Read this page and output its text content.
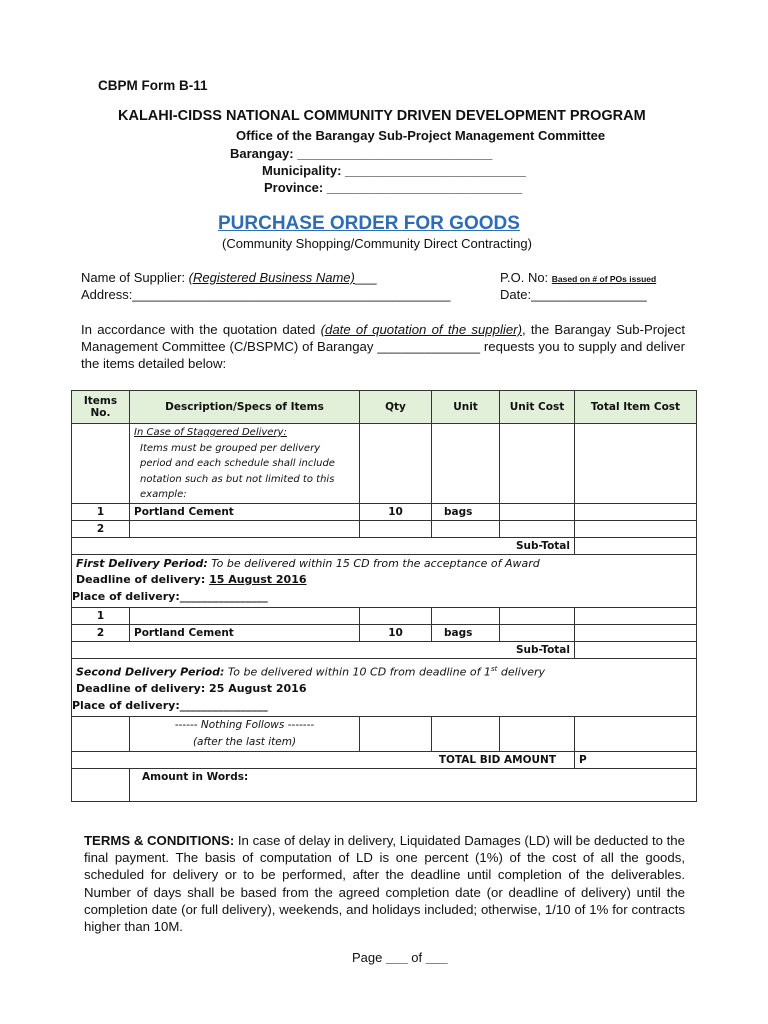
CBPM Form B-11
KALAHI-CIDSS NATIONAL COMMUNITY DRIVEN DEVELOPMENT PROGRAM
Office of the Barangay Sub-Project Management Committee
Barangay: ___________________________
Municipality: _________________________
Province: ___________________________
PURCHASE ORDER FOR GOODS
(Community Shopping/Community Direct Contracting)
Name of Supplier: (Registered Business Name)___
Address:____________________________________________
P.O. No: Based on # of POs issued
Date:________________
In accordance with the quotation dated (date of quotation of the supplier), the Barangay Sub-Project Management Committee (C/BSPMC) of Barangay ______________ requests you to supply and deliver the items detailed below:
Items No.	Description/Specs of Items	Qty	Unit	Unit Cost	Total Item Cost

	In Case of Staggered Delivery:
Items must be grouped per delivery period and each schedule shall include notation such as but not limited to this example:				

1	Portland Cement	10	bags		
2					
Sub-Total					

First Delivery Period: To be delivered within 15 CD from the acceptance of Award
Deadline of delivery: 15 August 2016
Place of delivery:________________					

1					
2	Portland Cement	10	bags		
Sub-Total					

Second Delivery Period: To be delivered within 10 CD from deadline of 1st delivery
Deadline of delivery: 25 August 2016
Place of delivery:________________					

	------ Nothing Follows -------
(after the last item)				

TOTAL BID AMOUNT					P
	Amount in Words:				
TERMS & CONDITIONS: In case of delay in delivery, Liquidated Damages (LD) will be deducted to the final payment. The basis of computation of LD is one percent (1%) of the cost of all the goods, scheduled for delivery or to be performed, after the deadline until completion of the deliverables. Number of days shall be based from the agreed completion date (or deadline of delivery) until the completion date (or full delivery), weekends, and holidays included; otherwise, 1/10 of 1% for contracts higher than 10M.
Page ___ of ___
